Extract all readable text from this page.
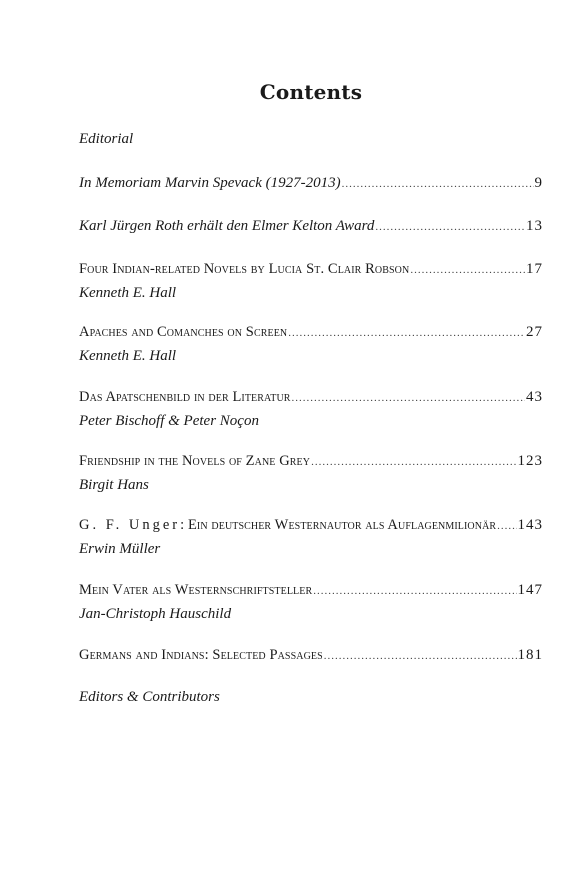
Contents
Editorial
In Memoriam Marvin Spevack (1927-2013) .....	9
Karl Jürgen Roth erhält den Elmer Kelton Award .....	13
Four Indian-related Novels by Lucia St. Clair Robson .....	17
Kenneth E. Hall
Apaches and Comanches on Screen .....	27
Kenneth E. Hall
Das Apatschenbild in der Literatur .....	43
Peter Bischoff & Peter Noçon
Friendship in the Novels of Zane Grey .....	123
Birgit Hans
G. F. Unger : Ein deutscher Westernautor als Auflagenmilionär ..... 143
Erwin Müller
Mein Vater als Westernschriftsteller .....	147
Jan-Christoph Hauschild
Germans and Indians: Selected Passages .....	181
Editors & Contributors
